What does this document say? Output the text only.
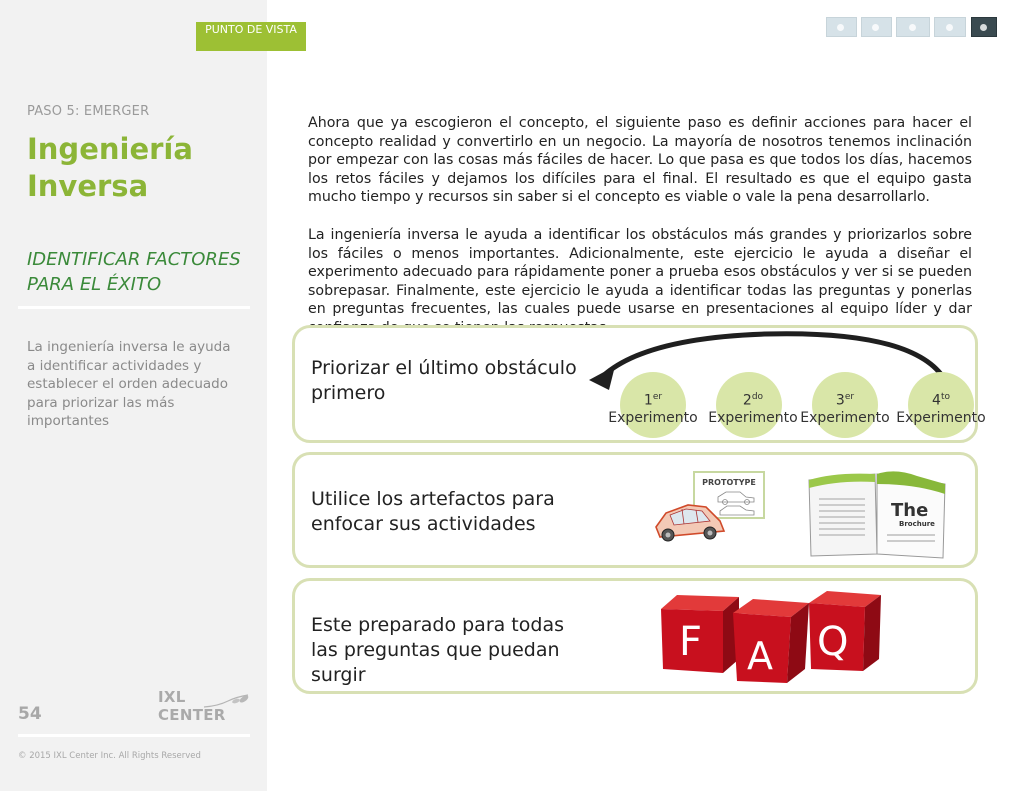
PASO 5: EMERGER
Ingeniería Inversa
IDENTIFICAR FACTORES PARA EL ÉXITO
La ingeniería inversa le ayuda a identificar actividades y establecer el orden adecuado para priorizar las más importantes
54
IXL CENTER
© 2015 IXL Center Inc. All Rights Reserved
PUNTO DE VISTA
Ahora que ya escogieron el concepto, el siguiente paso es definir acciones para hacer el concepto realidad y convertirlo en un negocio. La mayoría de nosotros tenemos inclinación por empezar con las cosas más fáciles de hacer. Lo que pasa es que todos los días, hacemos los retos fáciles y dejamos los difíciles para el final. El resultado es que el equipo gasta mucho tiempo y recursos sin saber si el concepto es viable o vale la pena desarrollarlo.
La ingeniería inversa le ayuda a identificar los obstáculos más grandes y priorizarlos sobre los fáciles o menos importantes. Adicionalmente, este ejercicio le ayuda a diseñar el experimento adecuado para rápidamente poner a prueba esos obstáculos y ver si se pueden sobrepasar. Finalmente, este ejercicio le ayuda a identificar todas las preguntas y ponerlas en preguntas frecuentes, las cuales puede usarse en presentaciones al equipo líder y dar
Priorizar el último obstáculo primero	1er
Experimento
$2^{do}$
Experimento
3er
Experimento
$4^{to}$
Experimento
Utilice los artefactos para enfocar sus actividades
PROTOTYPE
The
Brochure
Este preparado para todas las preguntas que puedan surgir
F A Q
